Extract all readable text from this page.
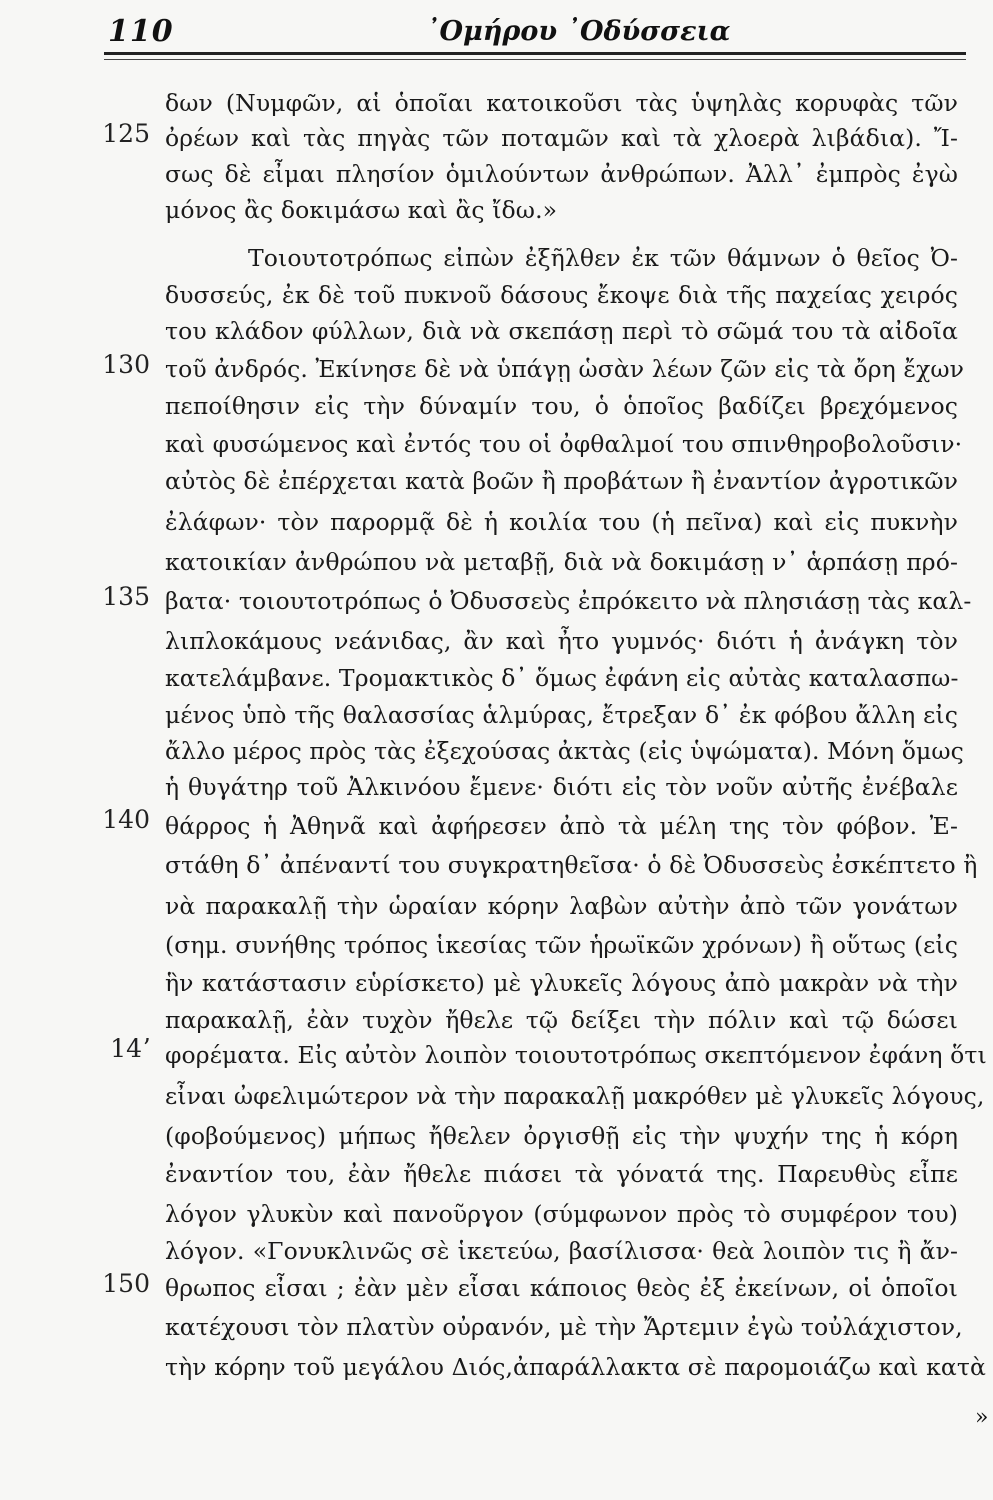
110	᾿Ομήρου ᾿Οδύσσεια
125
130
135
140
14ʼ
150
δων (Νυμφῶν, αἱ ὁποῖαι κατοικοῦσι τὰς ὑψηλὰς κορυφὰς τῶν
ὀρέων καὶ τὰς πηγὰς τῶν ποταμῶν καὶ τὰ χλοερὰ λιβάδια). Ἴ-
σως δὲ εἶμαι πλησίον ὁμιλούντων ἀνθρώπων. Ἀλλ᾿ ἐμπρὸς ἐγὼ
μόνος ἂς δοκιμάσω καὶ ἂς ἴδω.»
Τοιουτοτρόπως εἰπὼν ἐξῆλθεν ἐκ τῶν θάμνων ὁ θεῖος Ὀ-
δυσσεύς, ἐκ δὲ τοῦ πυκνοῦ δάσους ἔκοψε διὰ τῆς παχείας χειρός
του κλάδον φύλλων, διὰ νὰ σκεπάσῃ περὶ τὸ σῶμά του τὰ αἰδοῖα
τοῦ ἀνδρός. Ἐκίνησε δὲ νὰ ὑπάγῃ ὡσὰν λέων ζῶν εἰς τὰ ὄρη ἔχων
πεποίθησιν εἰς τὴν δύναμίν του, ὁ ὁποῖος βαδίζει βρεχόμενος
καὶ φυσώμενος καὶ ἐντός του οἱ ὀφθαλμοί του σπινθηροβολοῦσιν·
αὐτὸς δὲ ἐπέρχεται κατὰ βοῶν ἢ προβάτων ἢ ἐναντίον ἀγροτικῶν
ἐλάφων· τὸν παρορμᾷ δὲ ἡ κοιλία του (ἡ πεῖνα) καὶ εἰς πυκνὴν
κατοικίαν ἀνθρώπου νὰ μεταβῇ, διὰ νὰ δοκιμάσῃ ν᾿ ἁρπάσῃ πρό-
βατα· τοιουτοτρόπως ὁ Ὀδυσσεὺς ἐπρόκειτο νὰ πλησιάσῃ τὰς καλ-
λιπλοκάμους νεάνιδας, ἂν καὶ ἦτο γυμνός· διότι ἡ ἀνάγκη τὸν
κατελάμβανε. Τρομακτικὸς δ᾿ ὅμως ἐφάνη εἰς αὐτὰς καταλασπω-
μένος ὑπὸ τῆς θαλασσίας ἁλμύρας, ἔτρεξαν δ᾿ ἐκ φόβου ἄλλη εἰς
ἄλλο μέρος πρὸς τὰς ἐξεχούσας ἀκτὰς (εἰς ὑψώματα). Μόνη ὅμως
ἡ θυγάτηρ τοῦ Ἀλκινόου ἔμενε· διότι εἰς τὸν νοῦν αὐτῆς ἐνέβαλε
θάρρος ἡ Ἀθηνᾶ καὶ ἀφήρεσεν ἀπὸ τὰ μέλη της τὸν φόβον. Ἐ-
στάθη δ᾿ ἀπέναντί του συγκρατηθεῖσα· ὁ δὲ Ὀδυσσεὺς ἐσκέπτετο ἢ
νὰ παρακαλῇ τὴν ὡραίαν κόρην λαβὼν αὐτὴν ἀπὸ τῶν γονάτων
(σημ. συνήθης τρόπος ἱκεσίας τῶν ἡρωϊκῶν χρόνων) ἢ οὕτως (εἰς
ἣν κατάστασιν εὑρίσκετο) μὲ γλυκεῖς λόγους ἀπὸ μακρὰν νὰ τὴν
παρακαλῇ, ἐὰν τυχὸν ἤθελε τῷ δείξει τὴν πόλιν καὶ τῷ δώσει
φορέματα. Εἰς αὐτὸν λοιπὸν τοιουτοτρόπως σκεπτόμενον ἐφάνη ὅτι
εἶναι ὠφελιμώτερον νὰ τὴν παρακαλῇ μακρόθεν μὲ γλυκεῖς λόγους,
(φοβούμενος) μήπως ἤθελεν ὀργισθῇ εἰς τὴν ψυχήν της ἡ κόρη
ἐναντίον του, ἐὰν ἤθελε πιάσει τὰ γόνατά της. Παρευθὺς εἶπε
λόγον γλυκὺν καὶ πανοῦργον (σύμφωνον πρὸς τὸ συμφέρον του)
λόγον. «Γονυκλινῶς σὲ ἱκετεύω, βασίλισσα· θεὰ λοιπὸν τις ἢ ἄν-
θρωπος εἶσαι ; ἐὰν μὲν εἶσαι κάποιος θεὸς ἐξ ἐκείνων, οἱ ὁποῖοι
κατέχουσι τὸν πλατὺν οὐρανόν, μὲ τὴν Ἄρτεμιν ἐγὼ τοὐλάχιστον,
τὴν κόρην τοῦ μεγάλου Διός,ἀπαράλλακτα σὲ παρομοιάζω καὶ κατὰ
»
